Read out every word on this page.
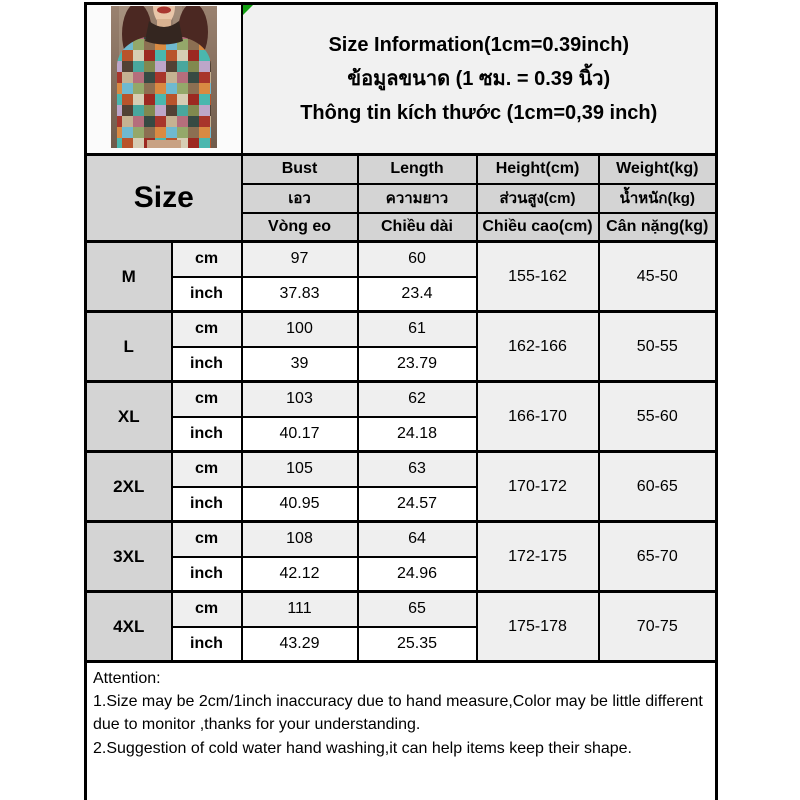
Size Information(1cm=0.39inch)
ข้อมูลขนาด (1 ซม. = 0.39 นิ้ว)
Thông tin kích thước (1cm=0,39 inch)			

Size		Bust	Length	Height(cm)	Weight(kg)
		เอว	ความยาว	ส่วนสูง(cm)	น้ำหนัก(kg)
		Vòng eo	Chiều dài	Chiều cao(cm)	Cân nặng(kg)
M	cm	97	60	155-162	45-50
	inch	37.83	23.4		
L	cm	100	61	162-166	50-55
	inch	39	23.79		
XL	cm	103	62	166-170	55-60
	inch	40.17	24.18		
2XL	cm	105	63	170-172	60-65
	inch	40.95	24.57		
3XL	cm	108	64	172-175	65-70
	inch	42.12	24.96		
4XL	cm	111	65	175-178	70-75
	inch	43.29	25.35		

Attention:

1.Size may be 2cm/1inch inaccuracy due to hand measure,Color may be little different due to monitor ,thanks for your understanding.

2.Suggestion of cold water hand washing,it can help items keep their shape.					
